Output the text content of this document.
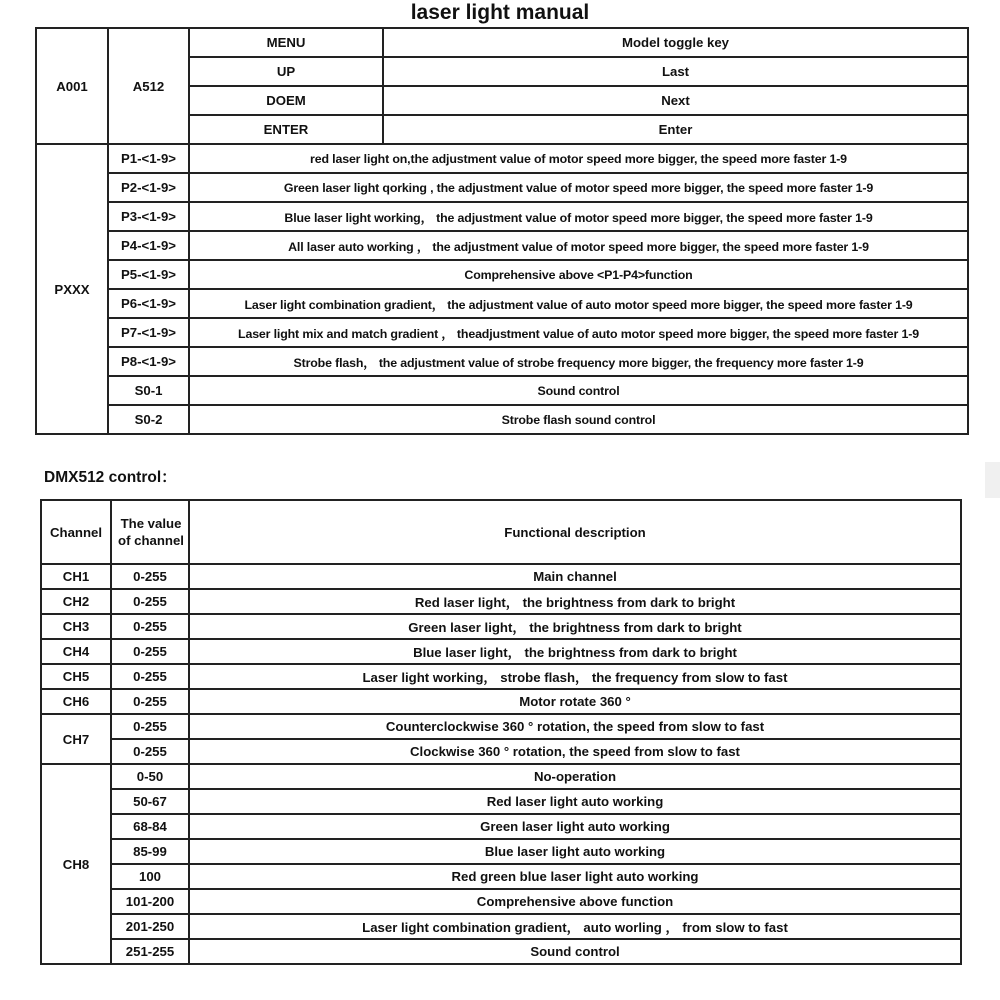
laser light manual
A001	A512	MENU	Model toggle key
		UP	Last
		DOEM	Next
		ENTER	Enter
PXXX	P1-<1-9>	red laser light on,the adjustment value of motor speed more bigger, the speed more faster 1-9	
	P2-<1-9>	Green laser light qorking , the adjustment value of motor speed more bigger, the speed more faster 1-9	
	P3-<1-9>	Blue laser light working， the adjustment value of motor speed more bigger, the speed more faster 1-9	
	P4-<1-9>	All laser auto working ， the adjustment value of motor speed more bigger, the speed more faster 1-9	
	P5-<1-9>	Comprehensive above <P1-P4>function	
	P6-<1-9>	Laser light combination gradient， the adjustment value of auto motor speed more bigger, the speed more faster 1-9	
	P7-<1-9>	Laser light mix and match gradient ， theadjustment value of auto motor speed more bigger, the speed more faster 1-9	
	P8-<1-9>	Strobe flash， the adjustment value of strobe frequency more bigger, the frequency more faster 1-9	
	S0-1	Sound control	
	S0-2	Strobe flash sound control	
DMX512 control：
Channel	The value of channel	Functional description
CH1	0-255	Main channel
CH2	0-255	Red laser light， the brightness from dark to bright
CH3	0-255	Green laser light， the brightness from dark to bright
CH4	0-255	Blue laser light， the brightness from dark to bright
CH5	0-255	Laser light working， strobe flash， the frequency from slow to fast
CH6	0-255	Motor rotate 360 °
CH7	0-255	Counterclockwise 360 ° rotation, the speed from slow to fast
	0-255	Clockwise 360 ° rotation, the speed from slow to fast
CH8	0-50	No-operation
	50-67	Red laser light auto working
	68-84	Green laser light auto working
	85-99	Blue laser light auto working
	100	Red green blue laser light auto working
	101-200	Comprehensive above function
	201-250	Laser light combination gradient， auto worling ， from slow to fast
	251-255	Sound control
